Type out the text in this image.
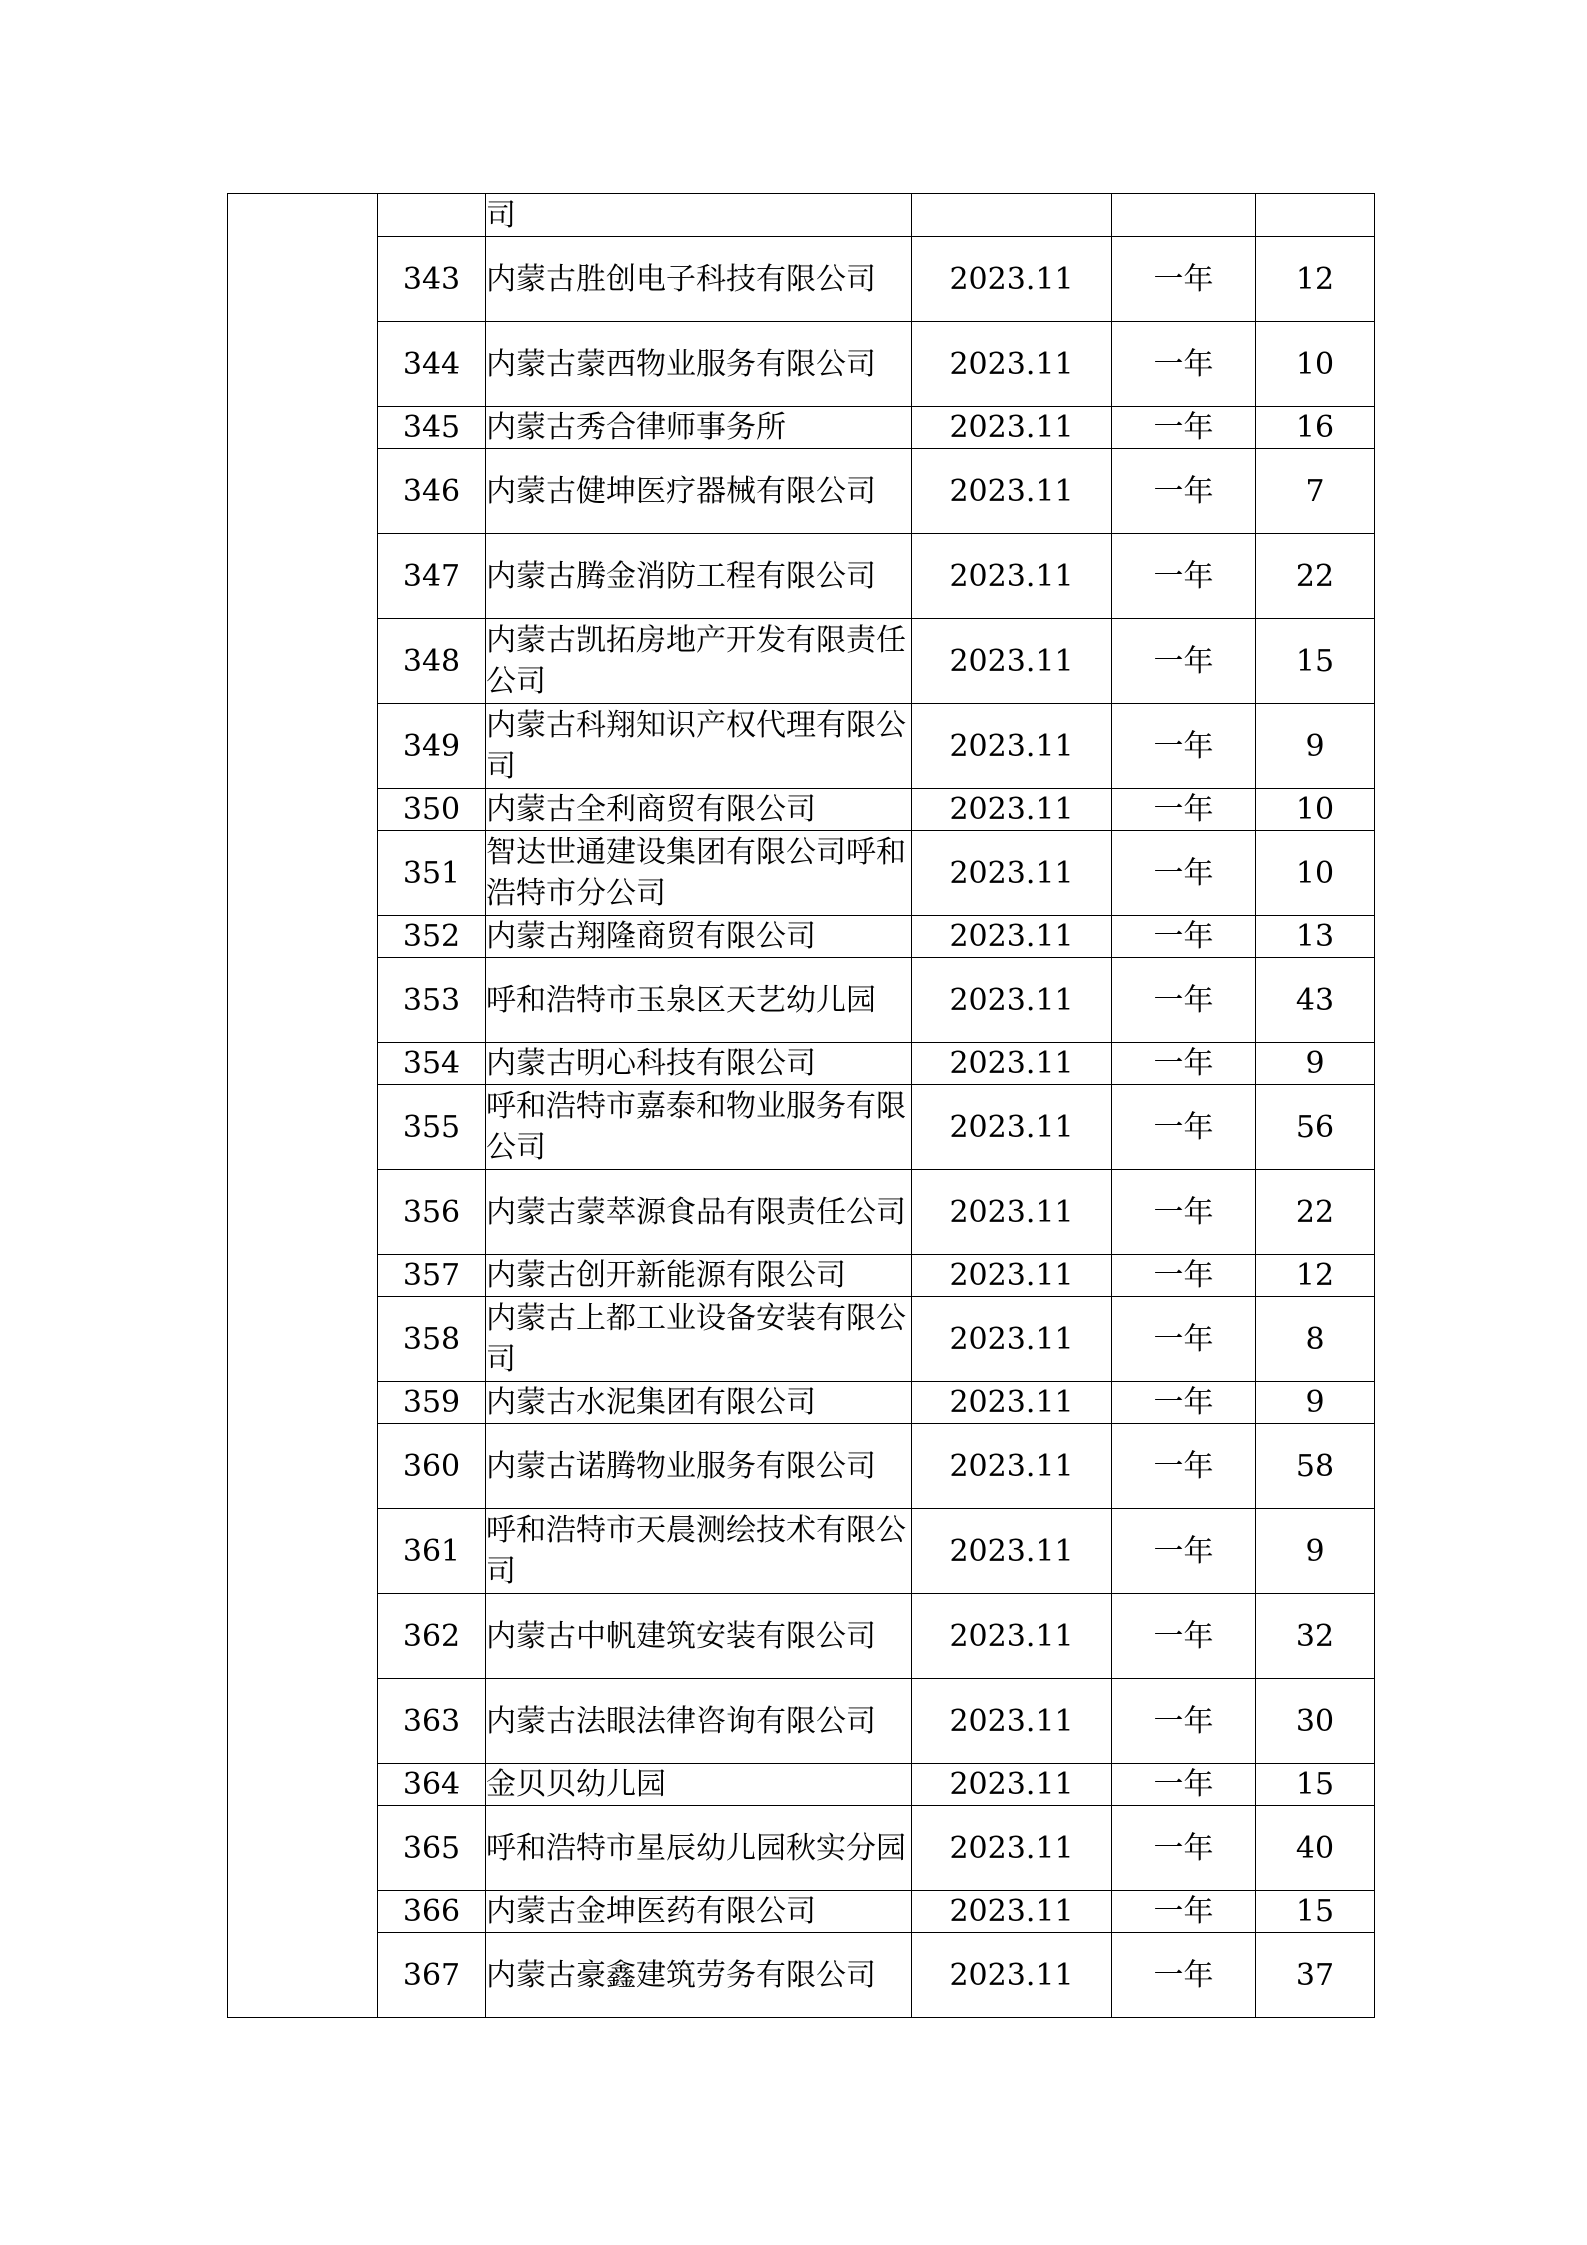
		司			
	343	内蒙古胜创电子科技有限公司	2023.11	一年	12
	344	内蒙古蒙西物业服务有限公司	2023.11	一年	10
	345	内蒙古秀合律师事务所	2023.11	一年	16
	346	内蒙古健坤医疗器械有限公司	2023.11	一年	7
	347	内蒙古腾金消防工程有限公司	2023.11	一年	22
	348	内蒙古凯拓房地产开发有限责任公司	2023.11	一年	15
	349	内蒙古科翔知识产权代理有限公司	2023.11	一年	9
	350	内蒙古全利商贸有限公司	2023.11	一年	10
	351	智达世通建设集团有限公司呼和浩特市分公司	2023.11	一年	10
	352	内蒙古翔隆商贸有限公司	2023.11	一年	13
	353	呼和浩特市玉泉区天艺幼儿园	2023.11	一年	43
	354	内蒙古明心科技有限公司	2023.11	一年	9
	355	呼和浩特市嘉泰和物业服务有限公司	2023.11	一年	56
	356	内蒙古蒙萃源食品有限责任公司	2023.11	一年	22
	357	内蒙古创开新能源有限公司	2023.11	一年	12
	358	内蒙古上都工业设备安装有限公司	2023.11	一年	8
	359	内蒙古水泥集团有限公司	2023.11	一年	9
	360	内蒙古诺腾物业服务有限公司	2023.11	一年	58
	361	呼和浩特市天晨测绘技术有限公司	2023.11	一年	9
	362	内蒙古中帆建筑安装有限公司	2023.11	一年	32
	363	内蒙古法眼法律咨询有限公司	2023.11	一年	30
	364	金贝贝幼儿园	2023.11	一年	15
	365	呼和浩特市星辰幼儿园秋实分园	2023.11	一年	40
	366	内蒙古金坤医药有限公司	2023.11	一年	15
	367	内蒙古豪鑫建筑劳务有限公司	2023.11	一年	37
